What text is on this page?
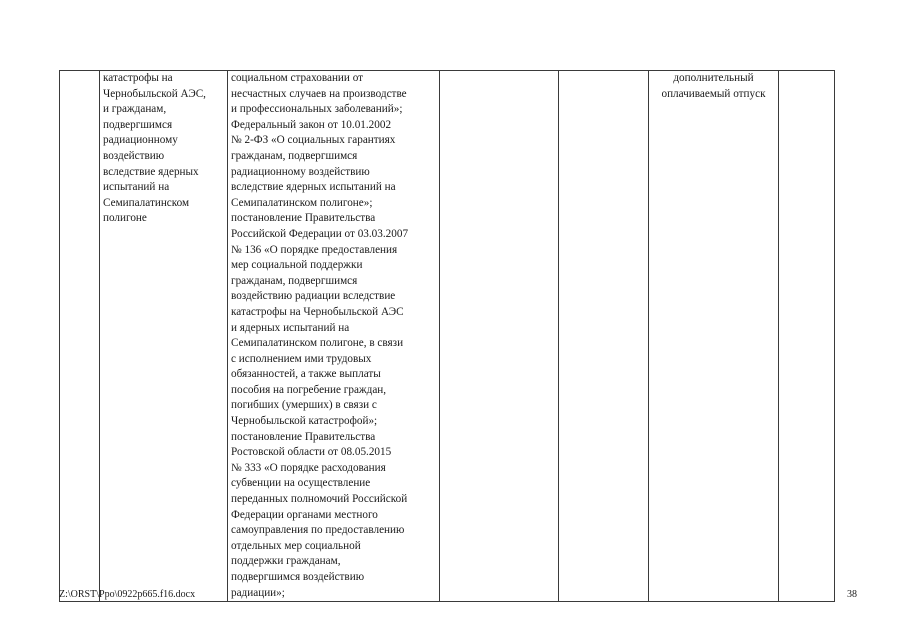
	катастрофы на
Чернобыльской АЭС,
и гражданам,
подвергшимся
радиационному
воздействию
вследствие ядерных
испытаний на
Семипалатинском
полигоне	социальном страховании от
несчастных случаев на производстве
и профессиональных заболеваний»;
Федеральный закон от 10.01.2002
№ 2-ФЗ «О социальных гарантиях
гражданам, подвергшимся
радиационному воздействию
вследствие ядерных испытаний на
Семипалатинском полигоне»;
постановление Правительства
Российской Федерации от 03.03.2007
№ 136 «О порядке предоставления
мер социальной поддержки
гражданам, подвергшимся
воздействию радиации вследствие
катастрофы на Чернобыльской АЭС
и ядерных испытаний на
Семипалатинском полигоне, в связи
с исполнением ими трудовых
обязанностей, а также выплаты
пособия на погребение граждан,
погибших (умерших) в связи с
Чернобыльской катастрофой»;
постановление Правительства
Ростовской области от 08.05.2015
№ 333 «О порядке расходования
субвенции на осуществление
переданных полномочий Российской
Федерации органами местного
самоуправления по предоставлению
отдельных мер социальной
поддержки гражданам,
подвергшимся воздействию
радиации»;			дополнительный
оплачиваемый отпуск	
Z:\ORST\Ppo\0922p665.f16.docx	38
